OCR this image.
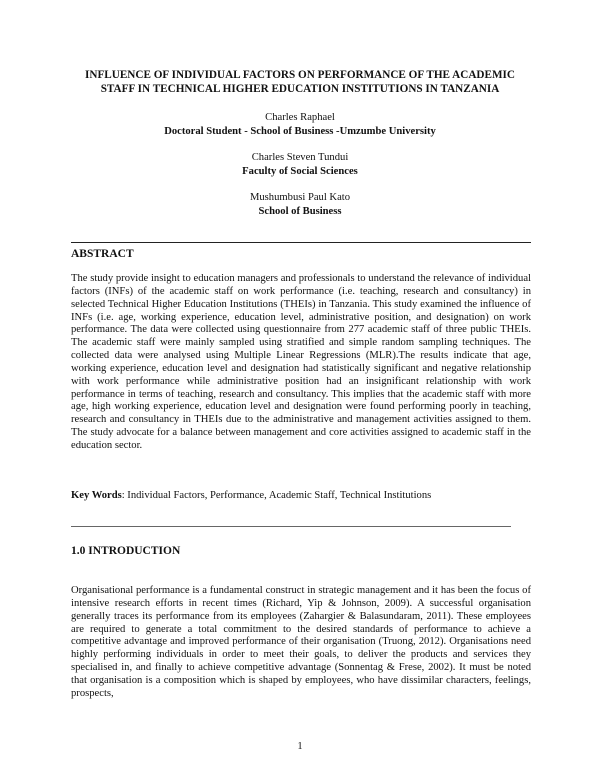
INFLUENCE OF INDIVIDUAL FACTORS ON PERFORMANCE OF THE ACADEMIC
STAFF IN TECHNICAL HIGHER EDUCATION INSTITUTIONS IN TANZANIA
Charles Raphael
Doctoral Student - School of Business -Umzumbe University
Charles Steven Tundui
Faculty of Social Sciences
Mushumbusi Paul Kato
School of Business
ABSTRACT
The study provide insight to education managers and professionals to understand the relevance of individual factors (INFs) of the academic staff on work performance (i.e. teaching, research and consultancy) in selected Technical Higher Education Institutions (THEIs) in Tanzania. This study examined the influence of INFs (i.e. age, working experience, education level, administrative position, and designation) on work performance. The data were collected using questionnaire from 277 academic staff of three public THEIs. The academic staff were mainly sampled using stratified and simple random sampling techniques. The collected data were analysed using Multiple Linear Regressions (MLR).The results indicate that age, working experience, education level and designation had statistically significant and negative relationship with work performance while administrative position had an insignificant relationship with work performance in terms of teaching, research and consultancy. This implies that the academic staff with more age, high working experience, education level and designation were found performing poorly in teaching, research and consultancy in THEIs due to the administrative and management activities assigned to them. The study advocate for a balance between management and core activities assigned to academic staff in the education sector.
Key Words: Individual Factors, Performance, Academic Staff, Technical Institutions
1.0 INTRODUCTION
Organisational performance is a fundamental construct in strategic management and it has been the focus of intensive research efforts in recent times (Richard, Yip & Johnson, 2009). A successful organisation generally traces its performance from its employees (Zahargier & Balasundaram, 2011). These employees are required to generate a total commitment to the desired standards of performance to achieve a competitive advantage and improved performance of their organisation (Truong, 2012). Organisations need highly performing individuals in order to meet their goals, to deliver the products and services they specialised in, and finally to achieve competitive advantage (Sonnentag & Frese, 2002). It must be noted that organisation is a composition which is shaped by employees, who have dissimilar characters, feelings, prospects,
1
